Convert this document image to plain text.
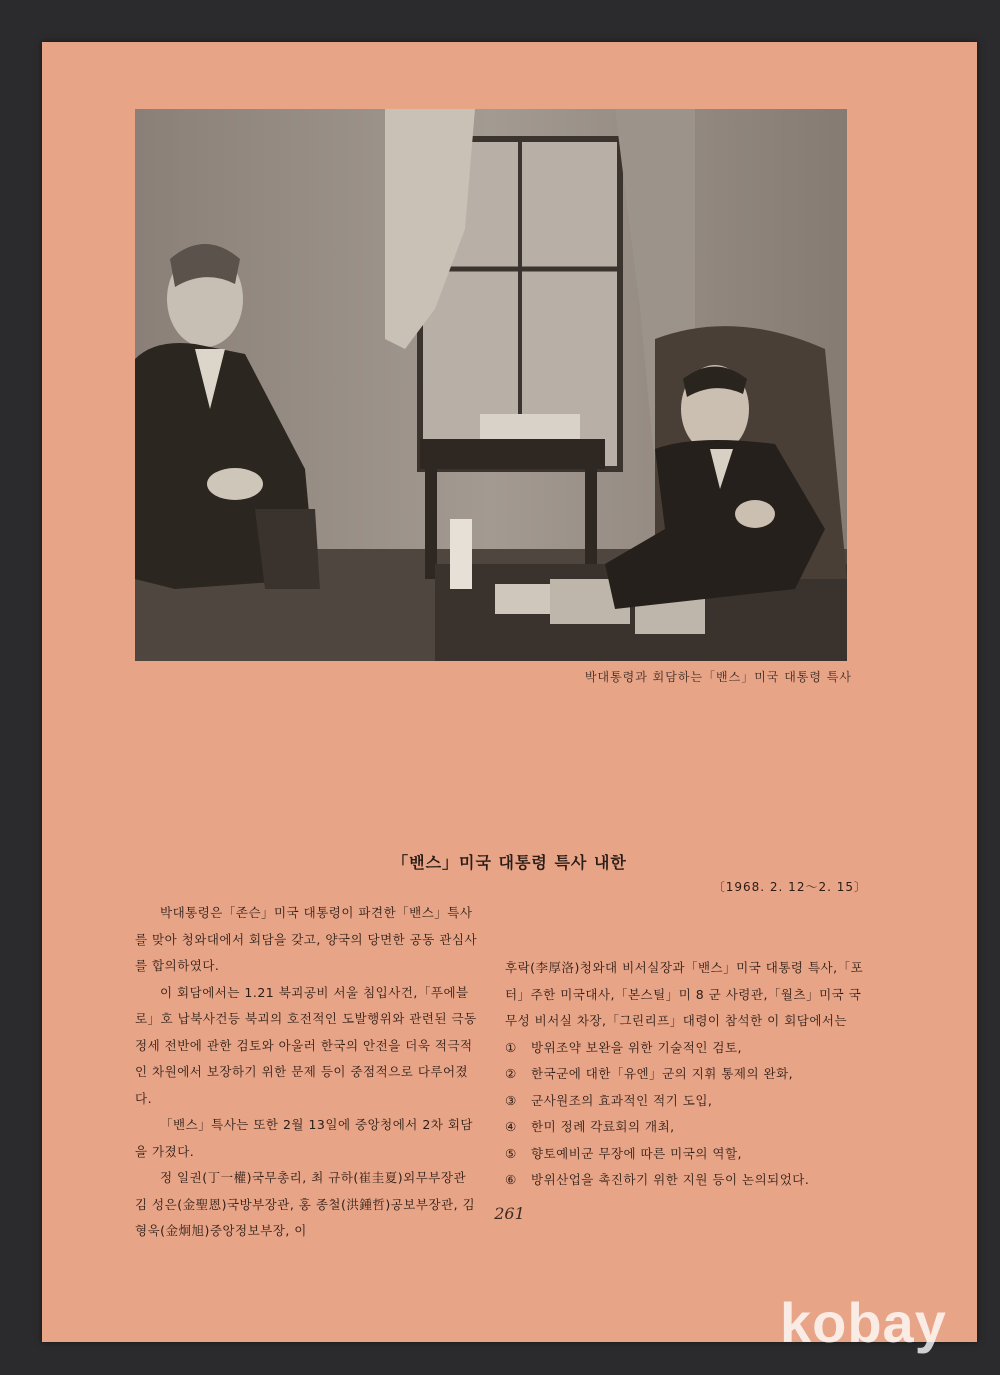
박대통령과 회담하는「밴스」미국 대통령 특사
「밴스」미국 대통령 특사 내한
〔1968. 2. 12〜2. 15〕

박대통령은「존슨」미국 대통령이 파견한「밴스」특사를 맞아 청와대에서 회담을 갖고, 양국의 당면한 공동 관심사를 합의하였다.

이 회담에서는 1.21 북괴공비 서울 침입사건,「푸에블로」호 납북사건등 북괴의 호전적인 도발행위와 관련된 극동정세 전반에 관한 검토와 아울러 한국의 안전을 더욱 적극적인 차원에서 보장하기 위한 문제 등이 중점적으로 다루어졌다.

「밴스」특사는 또한 2월 13일에 중앙청에서 2차 회담을 가졌다.

정 일권(丁一權)국무총리, 최 규하(崔圭夏)외무부장관 김 성은(金聖恩)국방부장관, 홍 종철(洪鍾哲)공보부장관, 김 형욱(金炯旭)중앙정보부장, 이

후락(李厚洛)청와대 비서실장과「밴스」미국 대통령 특사,「포터」주한 미국대사,「본스틸」미 8 군 사령관,「월츠」미국 국무성 비서실 차장,「그린리프」대령이 참석한 이 회담에서는

①	방위조약 보완을 위한 기술적인 검토,
②	한국군에 대한「유엔」군의 지휘 통제의 완화,
③	군사원조의 효과적인 적기 도입,
④	한미 정례 각료회의 개최,
⑤	향토예비군 무장에 따른 미국의 역할,
⑥	방위산업을 촉진하기 위한 지원 등이 논의되었다.
261
kobay
